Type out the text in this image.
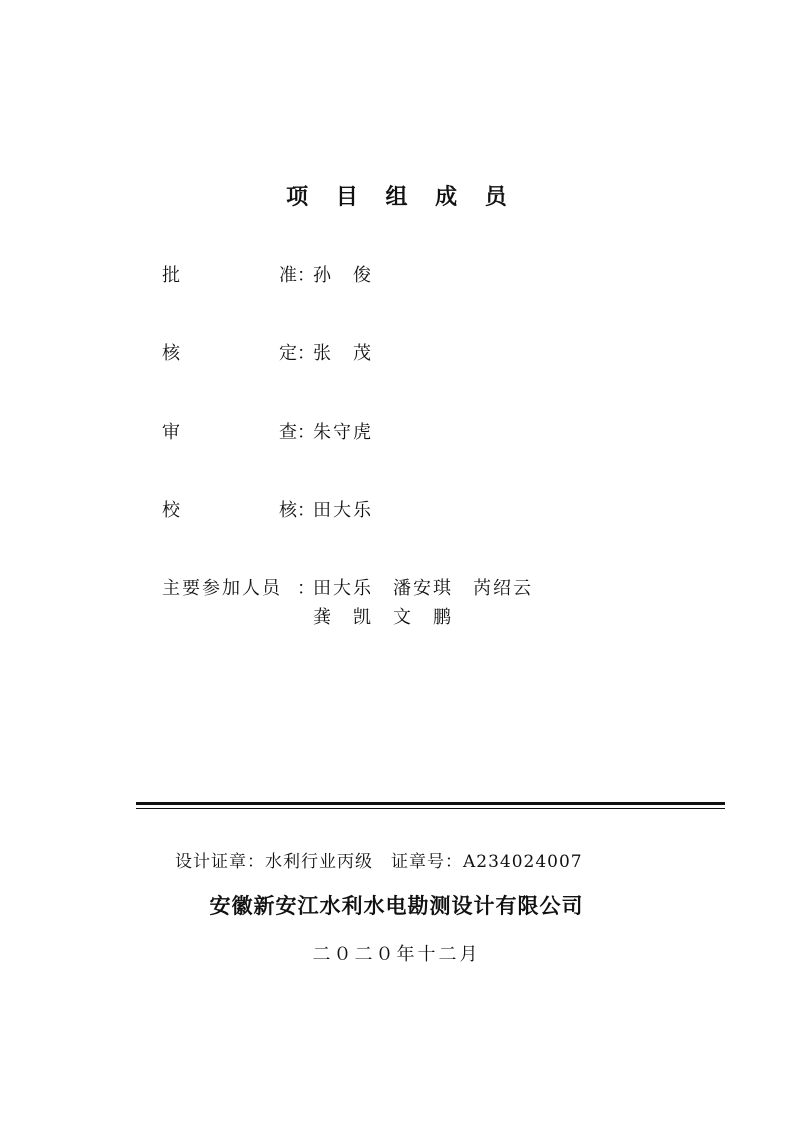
项 目 组 成 员
批准：孙　俊
核定：张　茂
审查：朱守虎
校核：田大乐
主要参加人员 ：田大乐　潘安琪　芮绍云
龚　凯　文　鹏
设计证章：水利行业丙级　证章号：A234024007
安徽新安江水利水电勘测设计有限公司
二０二０年十二月
